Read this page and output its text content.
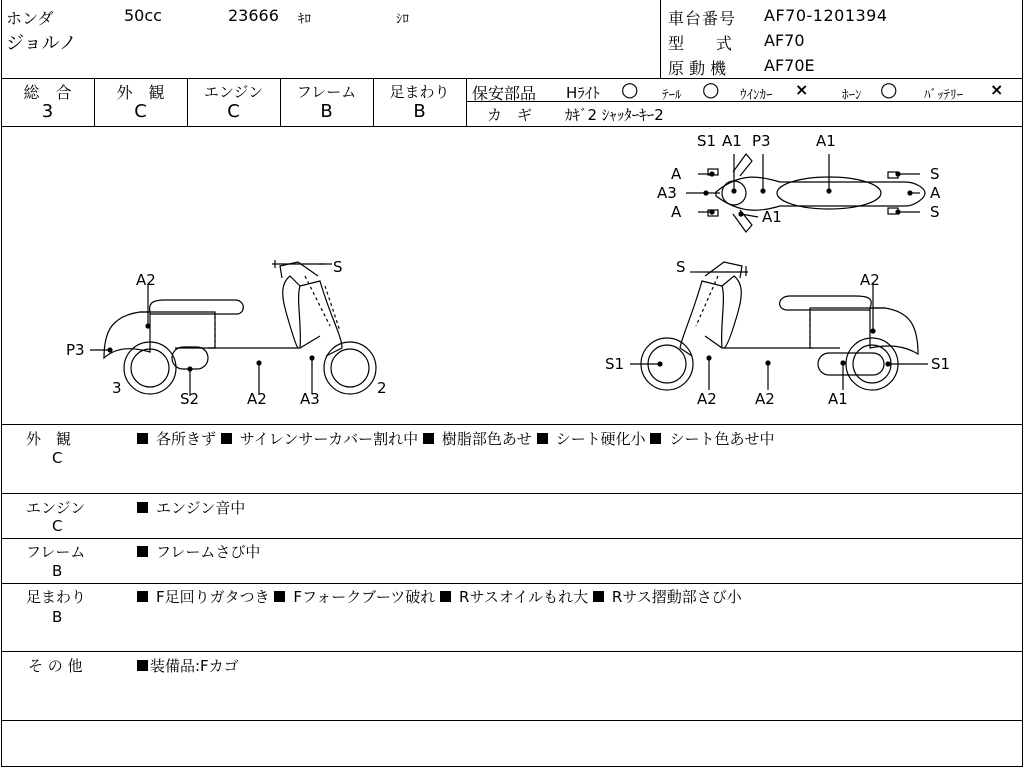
ホンダ	50cc	23666 ｷﾛ	ｼﾛ
ジョルノ
車台番号 AF70-1201394
型　　式 AF70
原 動 機 AF70E
総　合
3
外　観
C
エンジン
C
フレーム
B
足まわり
B
保安部品 Hﾗｲﾄ ○ ﾃｰﾙ ○ ｳｲﾝｶｰ ×	ﾎｰﾝ ○ ﾊﾞｯﾃﾘｰ ×
カ　ギ ｶｷﾞ2 ｼｬｯﾀｰｷｰ2
S
A2
P3
3
S2	A2 A3
2
S
A2
S1
A2	A2	A1
S1
S1 A1 P3	A1
A
A3
A	A1
S
A
S
外　観
C
各所きず サイレンサーカバー割れ中 樹脂部色あせ シート硬化小 シート色あせ中
エンジン
C
エンジン音中
フレーム
B
フレームさび中
足まわり
B
F足回りガタつき Fフォークブーツ破れ Rサスオイルもれ大 Rサス摺動部さび小
そ の 他	装備品:Fカゴ
